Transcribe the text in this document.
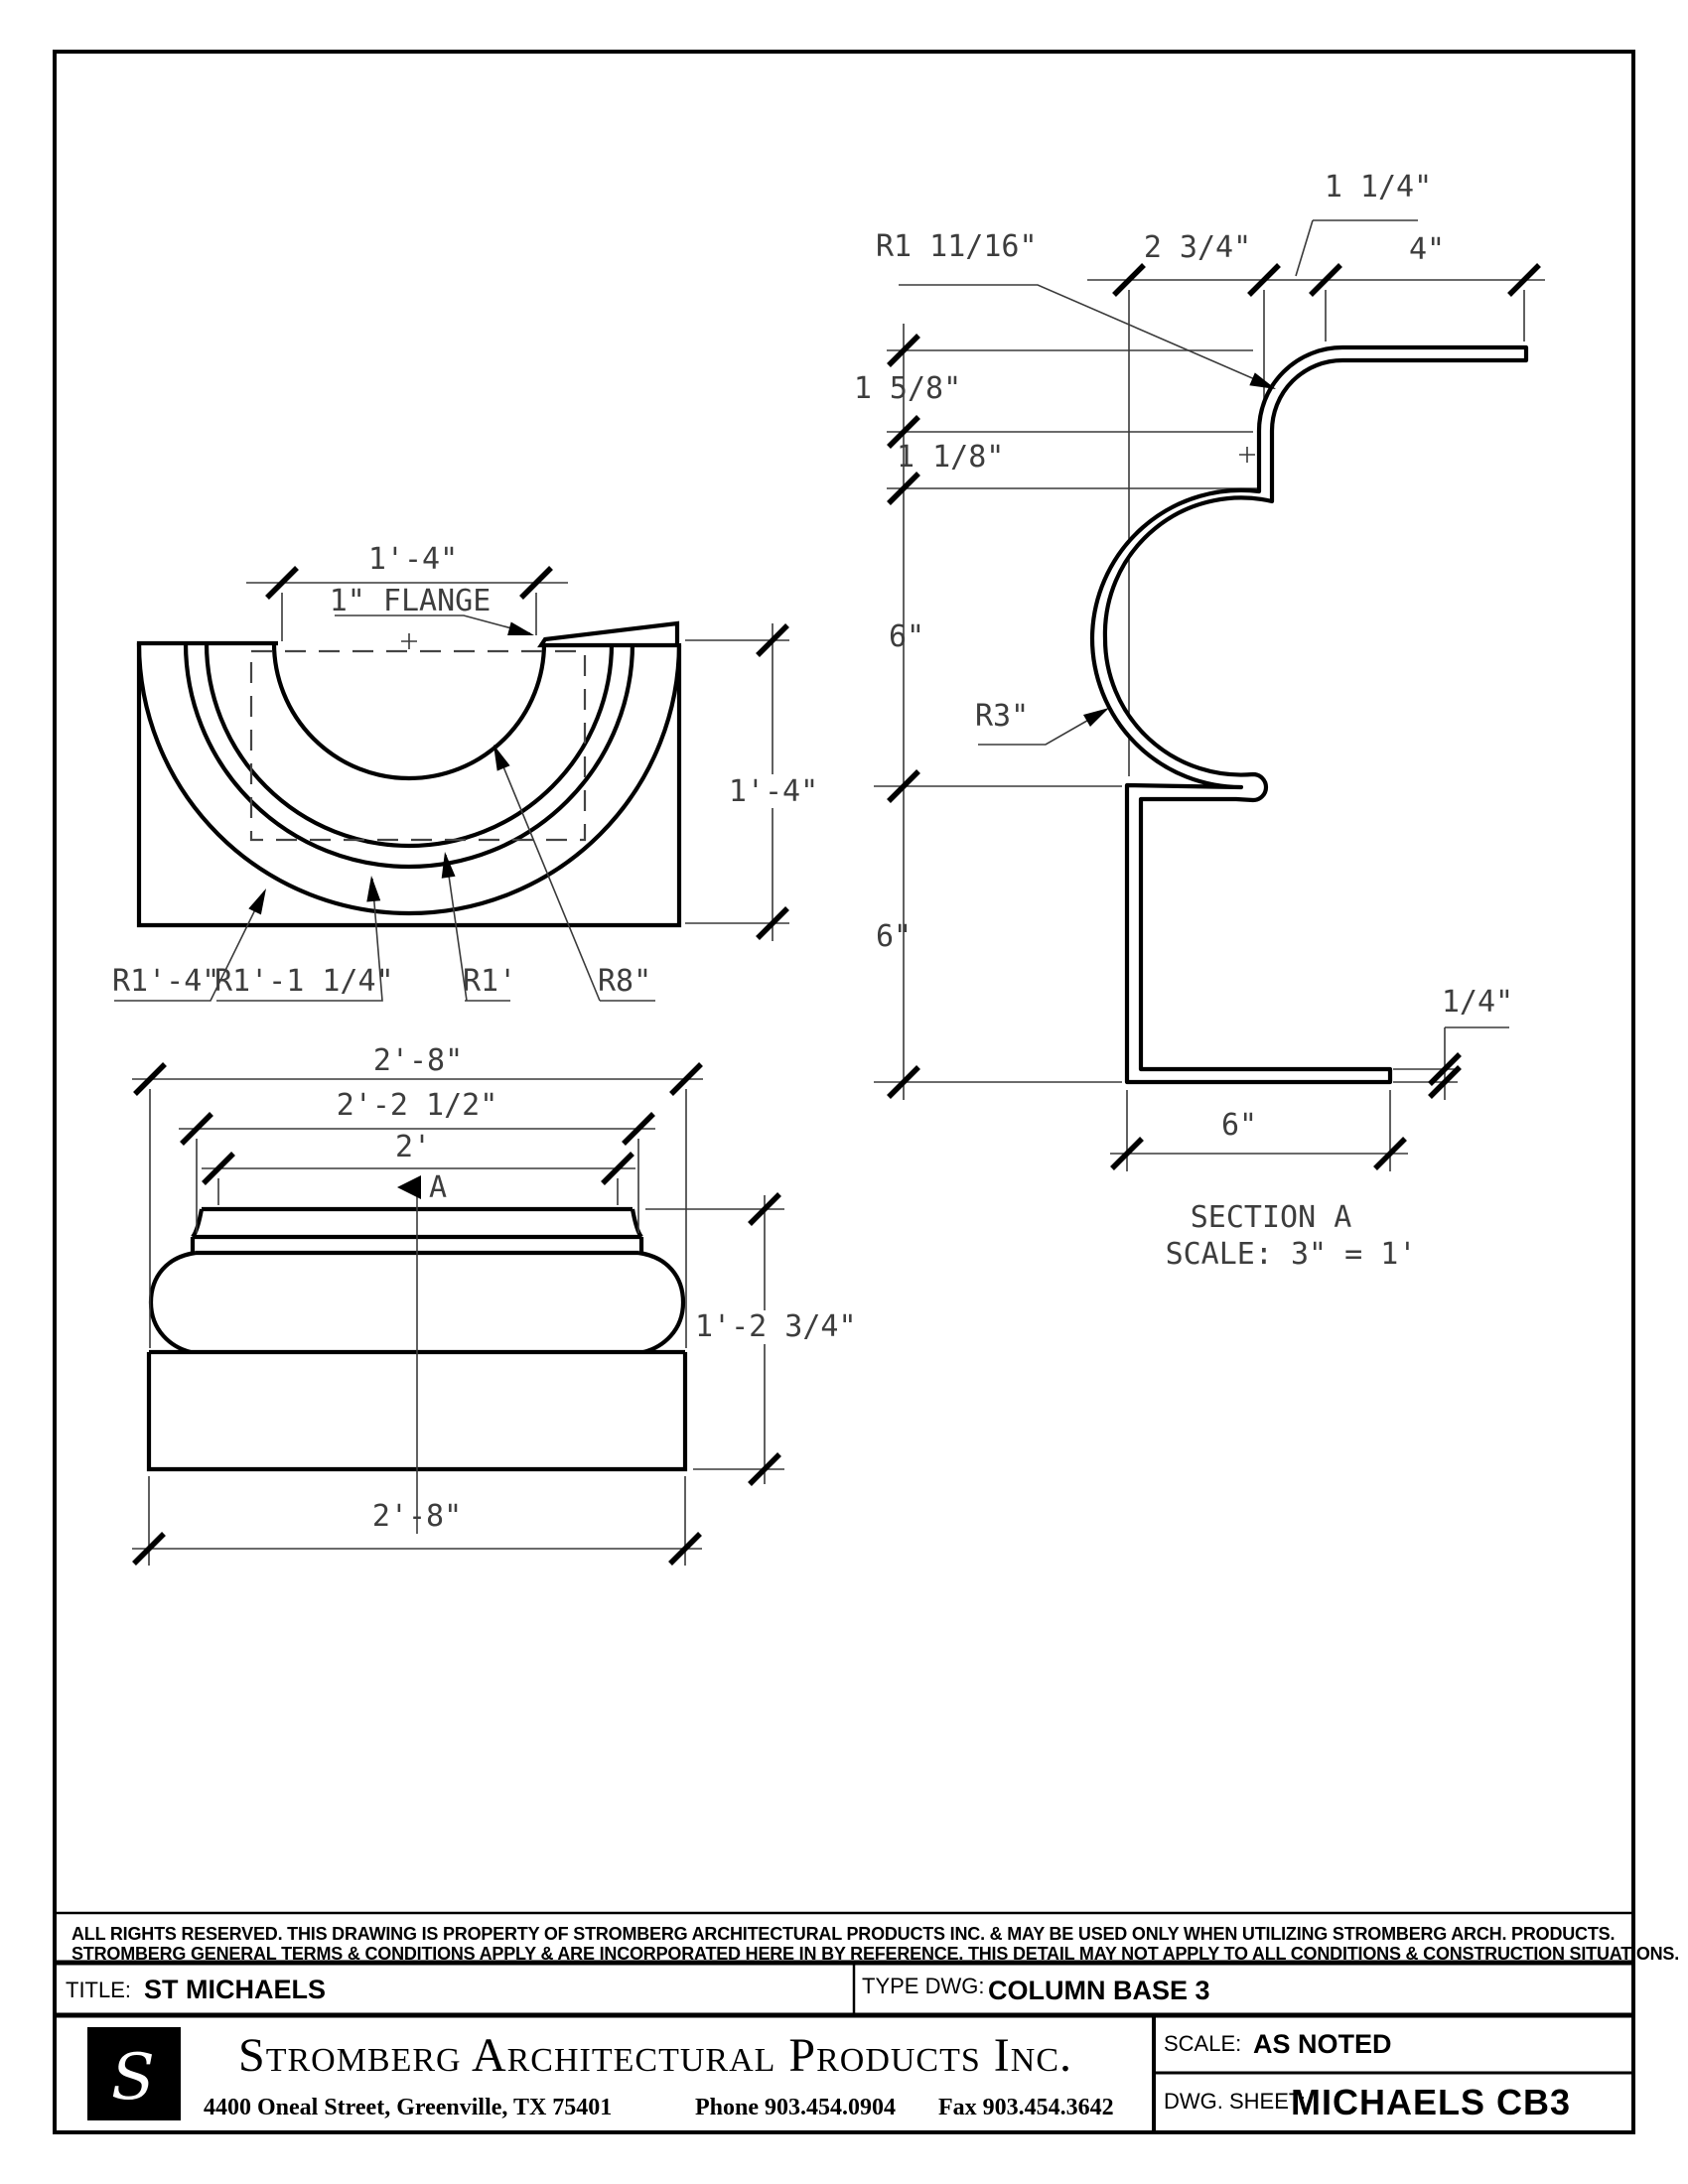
1'-4"
1" FLANGE
1'-4"
R1'-4"
R1'-1 1/4" R1'	R8"
A
2'-8"
2'-2 1/2"
2'
1'-2 3/4"
2'-8"
1 1/4"
R1 11/16"	2 3/4"	4"
1 5/8"
1 1/8"
6"
R3"
6"
1/4"
6"
SECTION A
SCALE: 3" = 1'
ALL RIGHTS RESERVED. THIS DRAWING IS PROPERTY OF STROMBERG ARCHITECTURAL PRODUCTS INC. & MAY BE USED ONLY WHEN UTILIZING STROMBERG ARCH. PRODUCTS.
STROMBERG GENERAL TERMS & CONDITIONS APPLY & ARE INCORPORATED HERE IN BY REFERENCE. THIS DETAIL MAY NOT APPLY TO ALL CONDITIONS & CONSTRUCTION SITUATIONS.
TITLE: ST MICHAELS	TYPE DWG: COLUMN BASE 3
S Stromberg Architectural Products Inc.
4400 Oneal Street, Greenville, TX 75401	Phone 903.454.0904 Fax 903.454.3642
SCALE: AS NOTED
DWG. SHEET:
MICHAELS CB3
